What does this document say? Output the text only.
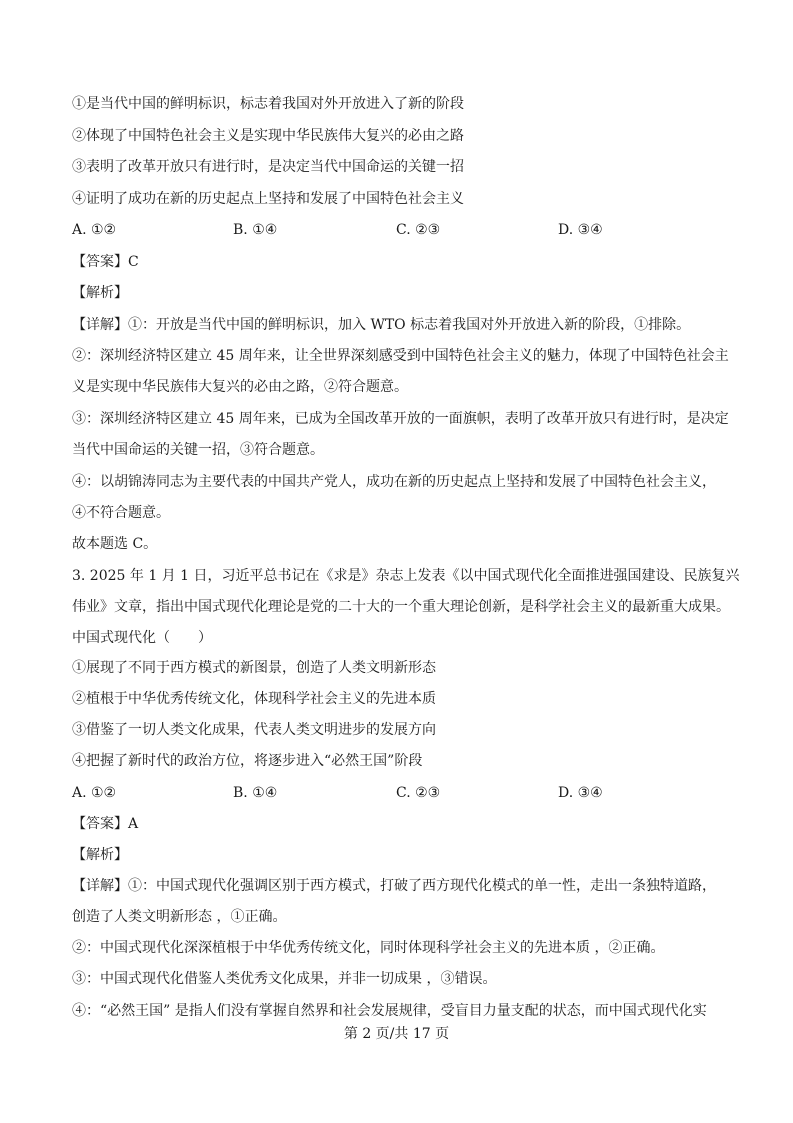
①是当代中国的鲜明标识，标志着我国对外开放进入了新的阶段
②体现了中国特色社会主义是实现中华民族伟大复兴的必由之路
③表明了改革开放只有进行时，是决定当代中国命运的关键一招
④证明了成功在新的历史起点上坚持和发展了中国特色社会主义
A. ①②	B. ①④	C. ②③	D. ③④
【答案】C
【解析】
【详解】①：开放是当代中国的鲜明标识，加入 WTO 标志着我国对外开放进入新的阶段，①排除。
②：深圳经济特区建立 45 周年来，让全世界深刻感受到中国特色社会主义的魅力，体现了中国特色社会主
义是实现中华民族伟大复兴的必由之路，②符合题意。
③：深圳经济特区建立 45 周年来，已成为全国改革开放的一面旗帜，表明了改革开放只有进行时，是决定
当代中国命运的关键一招，③符合题意。
④：以胡锦涛同志为主要代表的中国共产党人，成功在新的历史起点上坚持和发展了中国特色社会主义，
④不符合题意。
故本题选 C。
3. 2025 年 1 月 1 日，习近平总书记在《求是》杂志上发表《以中国式现代化全面推进强国建设、民族复兴
伟业》文章，指出中国式现代化理论是党的二十大的一个重大理论创新，是科学社会主义的最新重大成果。
中国式现代化（　　）
①展现了不同于西方模式的新图景，创造了人类文明新形态
②植根于中华优秀传统文化，体现科学社会主义的先进本质
③借鉴了一切人类文化成果，代表人类文明进步的发展方向
④把握了新时代的政治方位，将逐步进入“必然王国”阶段
A. ①②	B. ①④	C. ②③	D. ③④
【答案】A
【解析】
【详解】①：中国式现代化强调区别于西方模式，打破了西方现代化模式的单一性，走出一条独特道路，
创造了人类文明新形态 ，①正确。
②：中国式现代化深深植根于中华优秀传统文化，同时体现科学社会主义的先进本质 ，②正确。
③：中国式现代化借鉴人类优秀文化成果，并非一切成果 ，③错误。
④：“必然王国” 是指人们没有掌握自然界和社会发展规律，受盲目力量支配的状态，而中国式现代化实
第 2 页/共 17 页
